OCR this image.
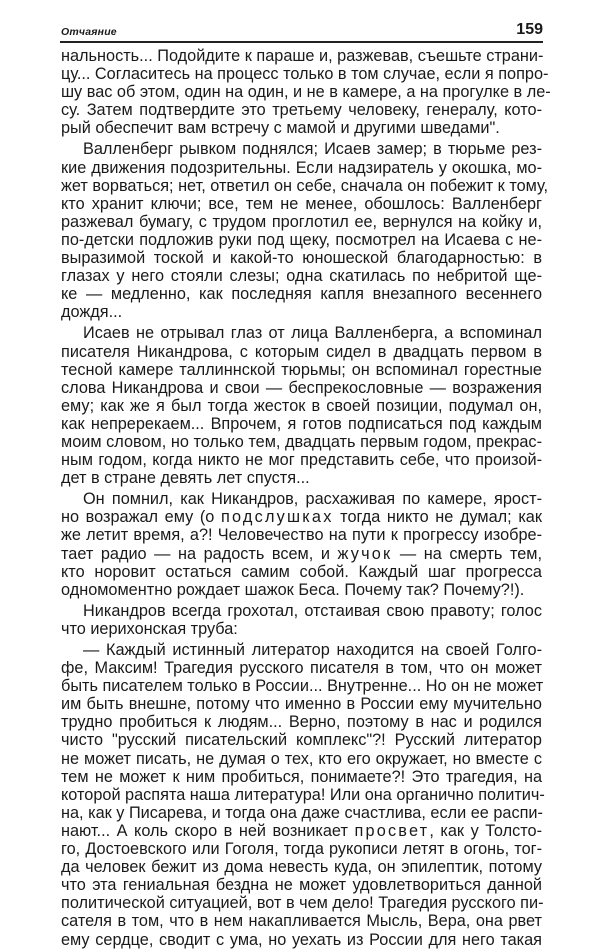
Отчаяние	159
нальность... Подойдите к параше и, разжевав, съешьте страни-
цу... Согласитесь на процесс только в том случае, если я попро-
шу вас об этом, один на один, и не в камере, а на прогулке в ле-
су. Затем подтвердите это третьему человеку, генералу, кото-
рый обеспечит вам встречу с мамой и другими шведами".
Валленберг рывком поднялся; Исаев замер; в тюрьме рез-
кие движения подозрительны. Если надзиратель у окошка, мо-
жет ворваться; нет, ответил он себе, сначала он побежит к тому,
кто хранит ключи; все, тем не менее, обошлось: Валленберг
разжевал бумагу, с трудом проглотил ее, вернулся на койку и,
по-детски подложив руки под щеку, посмотрел на Исаева с не-
выразимой тоской и какой-то юношеской благодарностью: в
глазах у него стояли слезы; одна скатилась по небритой ще-
ке — медленно, как последняя капля внезапного весеннего
дождя...
Исаев не отрывал глаз от лица Валленберга, а вспоминал
писателя Никандрова, с которым сидел в двадцать первом в
тесной камере таллиннской тюрьмы; он вспоминал горестные
слова Никандрова и свои — беспрекословные — возражения
ему; как же я был тогда жесток в своей позиции, подумал он,
как непререкаем... Впрочем, я готов подписаться под каждым
моим словом, но только тем, двадцать первым годом, прекрас-
ным годом, когда никто не мог представить себе, что произой-
дет в стране девять лет спустя...
Он помнил, как Никандров, расхаживая по камере, ярост-
но возражал ему (о подслушках тогда никто не думал; как
же летит время, а?! Человечество на пути к прогрессу изобре-
тает радио — на радость всем, и жучок — на смерть тем,
кто норовит остаться самим собой. Каждый шаг прогресса
одномоментно рождает шажок Беса. Почему так? Почему?!).
Никандров всегда грохотал, отстаивая свою правоту; голос
что иерихонская труба:
— Каждый истинный литератор находится на своей Голго-
фе, Максим! Трагедия русского писателя в том, что он может
быть писателем только в России... Внутренне... Но он не может
им быть внешне, потому что именно в России ему мучительно
трудно пробиться к людям... Верно, поэтому в нас и родился
чисто "русский писательский комплекс"?! Русский литератор
не может писать, не думая о тех, кто его окружает, но вместе с
тем не может к ним пробиться, понимаете?! Это трагедия, на
которой распята наша литература! Или она органично политич-
на, как у Писарева, и тогда она даже счастлива, если ее распи-
нают... А коль скоро в ней возникает просвет, как у Толсто-
го, Достоевского или Гоголя, тогда рукописи летят в огонь, тог-
да человек бежит из дома невесть куда, он эпилептик, потому
что эта гениальная бездна не может удовлетвориться данной
политической ситуацией, вот в чем дело! Трагедия русского пи-
сателя в том, что в нем накапливается Мысль, Вера, она рвет
ему сердце, сводит с ума, но уехать из России для него такая
